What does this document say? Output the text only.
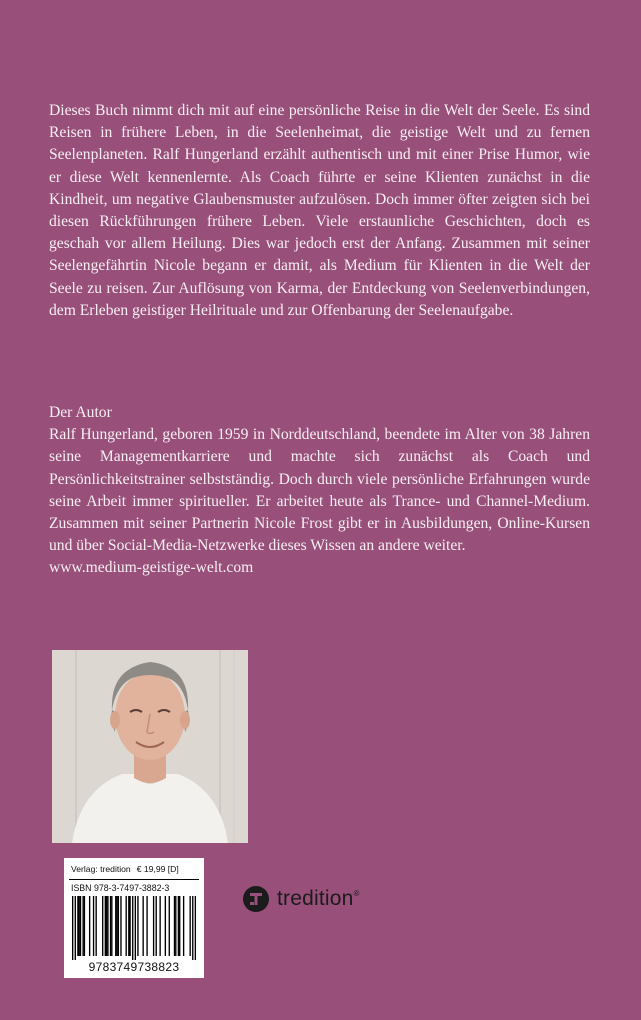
Dieses Buch nimmt dich mit auf eine persönliche Reise in die Welt der Seele. Es sind Reisen in frühere Leben, in die Seelenheimat, die geistige Welt und zu fernen Seelenplaneten. Ralf Hungerland erzählt authentisch und mit einer Prise Humor, wie er diese Welt kennenlernte. Als Coach führte er seine Klienten zunächst in die Kindheit, um negative Glaubensmuster aufzulösen. Doch immer öfter zeigten sich bei diesen Rückführungen frühere Leben. Viele erstaunliche Geschichten, doch es geschah vor allem Heilung. Dies war jedoch erst der Anfang. Zusammen mit seiner Seelengefährtin Nicole begann er damit, als Medium für Klienten in die Welt der Seele zu reisen. Zur Auflösung von Karma, der Entdeckung von Seelenverbindungen, dem Erleben geistiger Heilrituale und zur Offenbarung der Seelenaufgabe.

Der Autor
Ralf Hungerland, geboren 1959 in Norddeutschland, beendete im Alter von 38 Jahren seine Managementkarriere und machte sich zunächst als Coach und Persönlichkeitstrainer selbstständig. Doch durch viele persönliche Erfahrungen wurde seine Arbeit immer spiritueller. Er arbeitet heute als Trance- und Channel-Medium. Zusammen mit seiner Partnerin Nicole Frost gibt er in Ausbildungen, Online-Kursen und über Social-Media-Netzwerke dieses Wissen an andere weiter.
www.medium-geistige-welt.com
Verlag: tredition € 19,99 [D]
ISBN 978-3-7497-3882-3
9783749738823
tredition®
